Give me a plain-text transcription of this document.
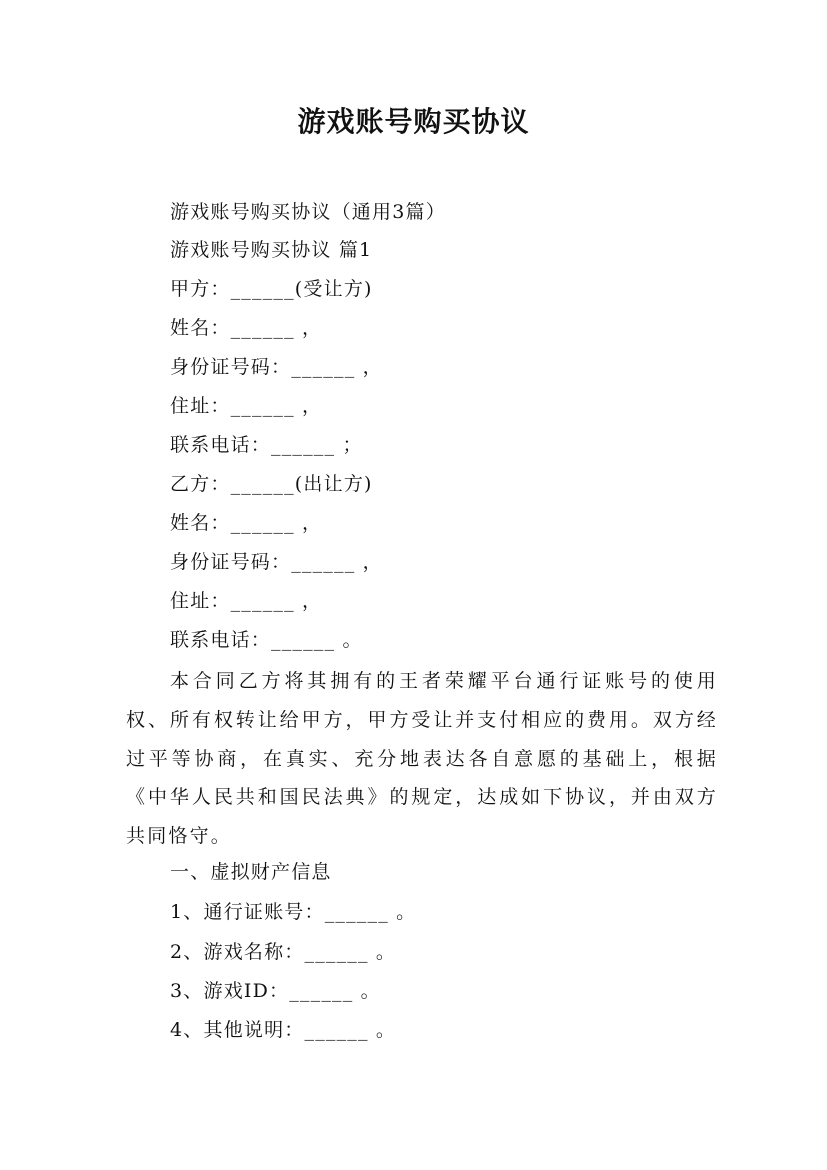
游戏账号购买协议
游戏账号购买协议（通用3篇）
游戏账号购买协议 篇1
甲方：______(受让方)
姓名：______ ，
身份证号码：______ ，
住址：______ ，
联系电话：______ ；
乙方：______(出让方)
姓名：______ ，
身份证号码：______ ，
住址：______ ，
联系电话：______ 。
本合同乙方将其拥有的王者荣耀平台通行证账号的使用权、所有权转让给甲方，甲方受让并支付相应的费用。双方经过平等协商，在真实、充分地表达各自意愿的基础上，根据《中华人民共和国民法典》的规定，达成如下协议，并由双方共同恪守。
一、虚拟财产信息
1、通行证账号：______ 。
2、游戏名称：______ 。
3、游戏ID：______ 。
4、其他说明：______ 。
